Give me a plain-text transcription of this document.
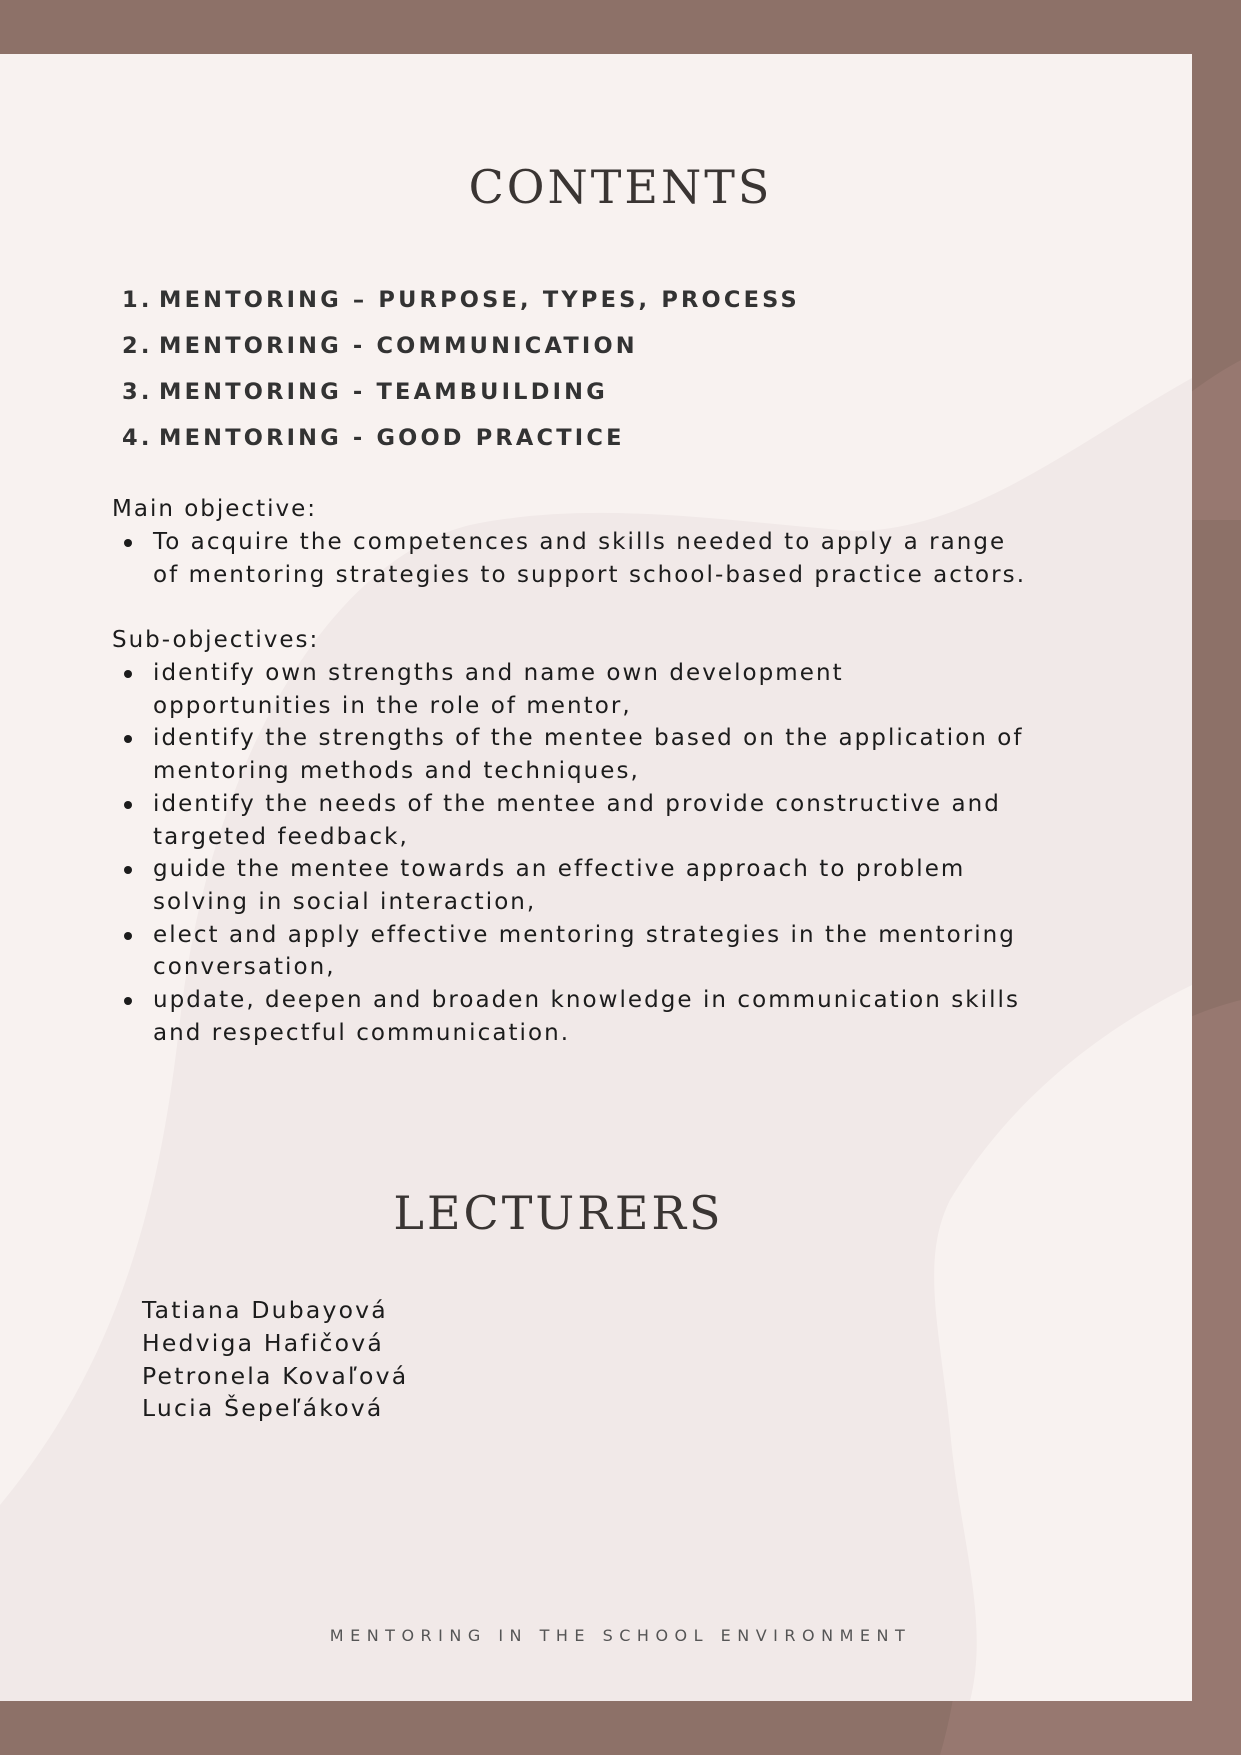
CONTENTS
1. MENTORING – PURPOSE, TYPES, PROCESS
2. MENTORING - COMMUNICATION
3. MENTORING - TEAMBUILDING
4. MENTORING - GOOD PRACTICE

Main objective:

To acquire the competences and skills needed to apply a range
of mentoring strategies to support school-based practice actors.

Sub-objectives:

identify own strengths and name own development
opportunities in the role of mentor,
identify the strengths of the mentee based on the application of
mentoring methods and techniques,
identify the needs of the mentee and provide constructive and
targeted feedback,
guide the mentee towards an effective approach to problem
solving in social interaction,
elect and apply effective mentoring strategies in the mentoring
conversation,
update, deepen and broaden knowledge in communication skills
and respectful communication.
LECTURERS
Tatiana Dubayová
Hedviga Hafičová
Petronela Kovaľová
Lucia Šepeľáková
MENTORING IN THE SCHOOL ENVIRONMENT
